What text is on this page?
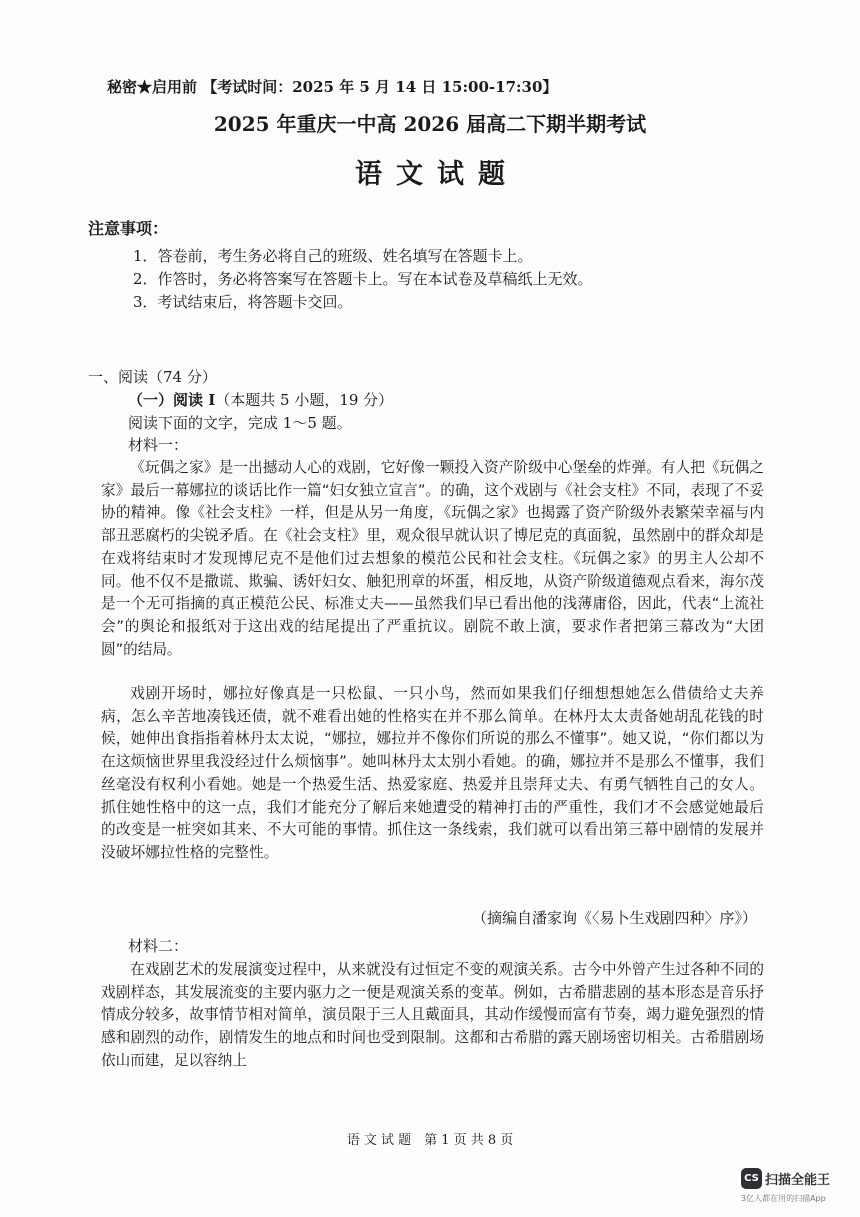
秘密★启用前 【考试时间：2025 年 5 月 14 日 15:00-17:30】
2025 年重庆一中高 2026 届高二下期半期考试
语文试题
注意事项：
1．答卷前，考生务必将自己的班级、姓名填写在答题卡上。
2．作答时，务必将答案写在答题卡上。写在本试卷及草稿纸上无效。
3．考试结束后，将答题卡交回。
一、阅读（74 分）
（一）阅读 I（本题共 5 小题，19 分）
阅读下面的文字，完成 1～5 题。
材料一：
《玩偶之家》是一出撼动人心的戏剧，它好像一颗投入资产阶级中心堡垒的炸弹。有人把《玩偶之家》最后一幕娜拉的谈话比作一篇“妇女独立宣言”。的确，这个戏剧与《社会支柱》不同，表现了不妥协的精神。像《社会支柱》一样，但是从另一角度，《玩偶之家》也揭露了资产阶级外表繁荣幸福与内部丑恶腐朽的尖锐矛盾。在《社会支柱》里，观众很早就认识了博尼克的真面貌，虽然剧中的群众却是在戏将结束时才发现博尼克不是他们过去想象的模范公民和社会支柱。《玩偶之家》的男主人公却不同。他不仅不是撒谎、欺骗、诱奸妇女、触犯刑章的坏蛋，相反地，从资产阶级道德观点看来，海尔茂是一个无可指摘的真正模范公民、标准丈夫——虽然我们早已看出他的浅薄庸俗，因此，代表“上流社会”的舆论和报纸对于这出戏的结尾提出了严重抗议。剧院不敢上演，要求作者把第三幕改为“大团圆”的结局。
戏剧开场时，娜拉好像真是一只松鼠、一只小鸟，然而如果我们仔细想想她怎么借债给丈夫养病，怎么辛苦地凑钱还债，就不难看出她的性格实在并不那么简单。在林丹太太责备她胡乱花钱的时候，她伸出食指指着林丹太太说，“娜拉，娜拉并不像你们所说的那么不懂事”。她又说，“你们都以为在这烦恼世界里我没经过什么烦恼事”。她叫林丹太太别小看她。的确，娜拉并不是那么不懂事，我们丝毫没有权利小看她。她是一个热爱生活、热爱家庭、热爱并且崇拜丈夫、有勇气牺牲自己的女人。抓住她性格中的这一点，我们才能充分了解后来她遭受的精神打击的严重性，我们才不会感觉她最后的改变是一桩突如其来、不大可能的事情。抓住这一条线索，我们就可以看出第三幕中剧情的发展并没破坏娜拉性格的完整性。
（摘编自潘家询《〈易卜生戏剧四种〉序》）
材料二：
在戏剧艺术的发展演变过程中，从来就没有过恒定不变的观演关系。古今中外曾产生过各种不同的戏剧样态，其发展流变的主要内驱力之一便是观演关系的变革。例如，古希腊悲剧的基本形态是音乐抒情成分较多，故事情节相对简单，演员限于三人且戴面具，其动作缓慢而富有节奏，竭力避免强烈的情感和剧烈的动作，剧情发生的地点和时间也受到限制。这都和古希腊的露天剧场密切相关。古希腊剧场依山而建，足以容纳上
语 文 试 题　第 1 页 共 8 页
CS 扫描全能王
3亿人都在用的扫描App
